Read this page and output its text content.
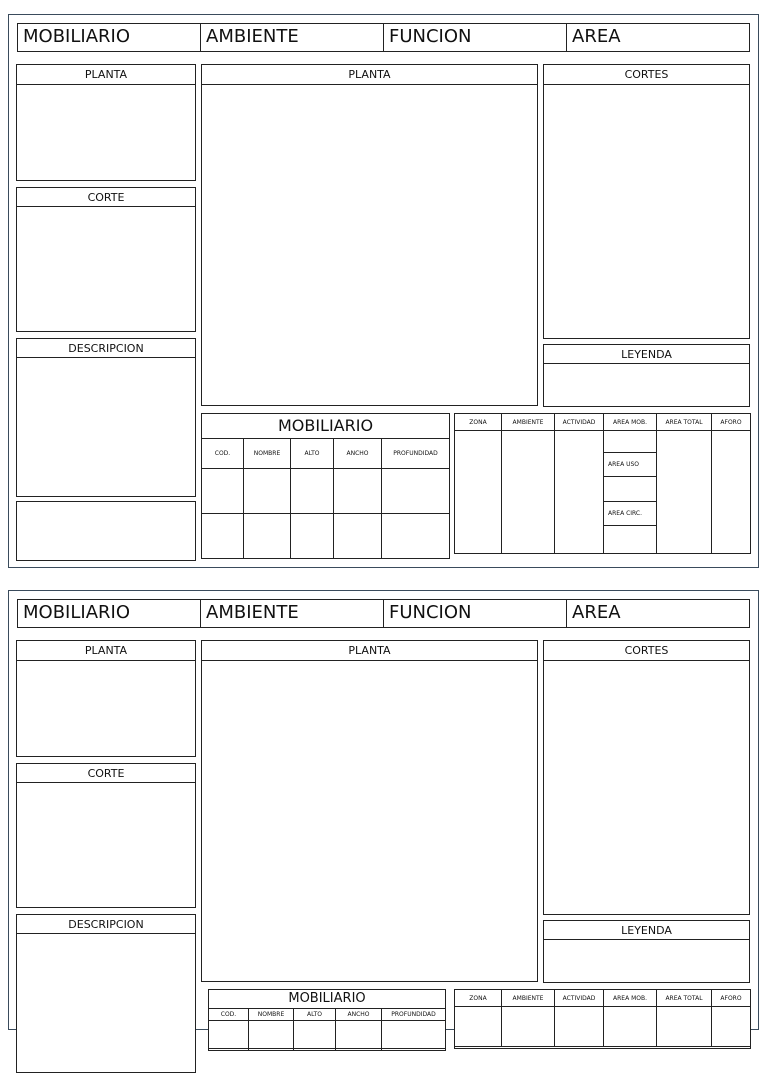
MOBILIARIO	AMBIENTE	FUNCION	AREA
PLANTA
CORTE
DESCRIPCION
PLANTA	CORTES
LEYENDA
MOBILIARIO
COD.	NOMBRE	ALTO	ANCHO	PROFUNDIDAD

ZONA	AMBIENTE	ACTIVIDAD	AREA MOB.	AREA TOTAL	AFORO

			AREA USO		

			AREA CIRC.		

MOBILIARIO	AMBIENTE	FUNCION	AREA
PLANTA
CORTE
DESCRIPCION
PLANTA	CORTES
LEYENDA
MOBILIARIO
COD.	NOMBRE	ALTO	ANCHO	PROFUNDIDAD

ZONA	AMBIENTE	ACTIVIDAD	AREA MOB.	AREA TOTAL	AFORO
